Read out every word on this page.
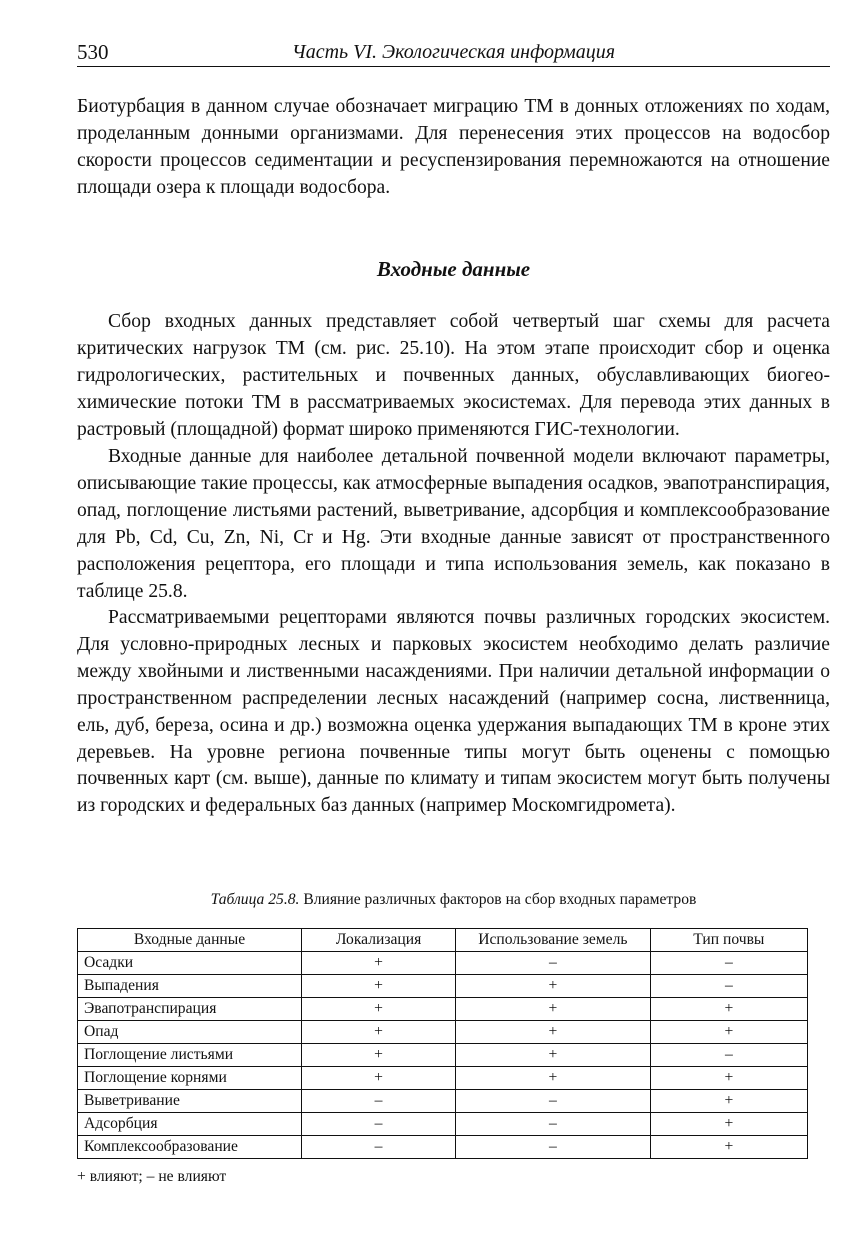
530	Часть VI. Экологическая информация

Биотурбация в данном случае обозначает миграцию ТМ в донных отложениях по ходам, проделанным донными организмами. Для перенесения этих процессов на водосбор скорости процессов седиментации и ресуспензирования перемножаются на отношение площади озера к площади водосбора.

Входные данные

Сбор входных данных представляет собой четвертый шаг схемы для расчета критических нагрузок ТМ (см. рис. 25.10). На этом этапе происходит сбор и оценка гидрологических, растительных и почвенных данных, обуславливающих биогеохимические потоки ТМ в рассматриваемых экосистемах. Для перевода этих данных в растровый (площадной) формат широко применяются ГИС-технологии.

Входные данные для наиболее детальной почвенной модели включают параметры, описывающие такие процессы, как атмосферные выпадения осадков, эвапотранспирация, опад, поглощение листьями растений, выветривание, адсорбция и комплексообразование для Pb, Cd, Cu, Zn, Ni, Cr и Hg. Эти входные данные зависят от пространственного расположения рецептора, его площади и типа использования земель, как показано в таблице 25.8.

Рассматриваемыми рецепторами являются почвы различных городских экосистем. Для условно-природных лесных и парковых экосистем необходимо делать различие между хвойными и лиственными насаждениями. При наличии детальной информации о пространственном распределении лесных насаждений (например сосна, лиственница, ель, дуб, береза, осина и др.) возможна оценка удержания выпадающих ТМ в кроне этих деревьев. На уровне региона почвенные типы могут быть оценены с помощью почвенных карт (см. выше), данные по климату и типам экосистем могут быть получены из городских и федеральных баз данных (например Москомгидромета).

Таблица 25.8. Влияние различных факторов на сбор входных параметров
Входные данные	Локализация	Использование земель	Тип почвы
Осадки	+	–	–
Выпадения	+	+	–
Эвапотранспирация	+	+	+
Опад	+	+	+
Поглощение листьями	+	+	–
Поглощение корнями	+	+	+
Выветривание	–	–	+
Адсорбция	–	–	+
Комплексообразование	–	–	+
+ влияют; – не влияют
